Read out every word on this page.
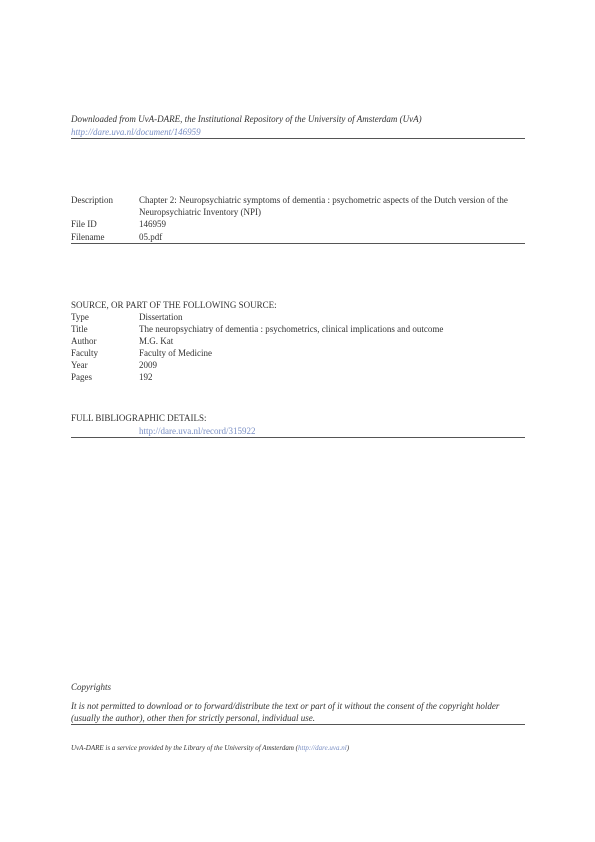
Downloaded from UvA-DARE, the Institutional Repository of the University of Amsterdam (UvA)
http://dare.uva.nl/document/146959
Description	Chapter 2: Neuropsychiatric symptoms of dementia : psychometric aspects of the Dutch version of the Neuropsychiatric Inventory (NPI)
File ID	146959
Filename	05.pdf
SOURCE, OR PART OF THE FOLLOWING SOURCE:
Type	Dissertation
Title	The neuropsychiatry of dementia : psychometrics, clinical implications and outcome
Author	M.G. Kat
Faculty	Faculty of Medicine
Year	2009
Pages	192
FULL BIBLIOGRAPHIC DETAILS:
http://dare.uva.nl/record/315922
Copyrights
It is not permitted to download or to forward/distribute the text or part of it without the consent of the copyright holder (usually the author), other then for strictly personal, individual use.
UvA-DARE is a service provided by the Library of the University of Amsterdam (http://dare.uva.nl)
